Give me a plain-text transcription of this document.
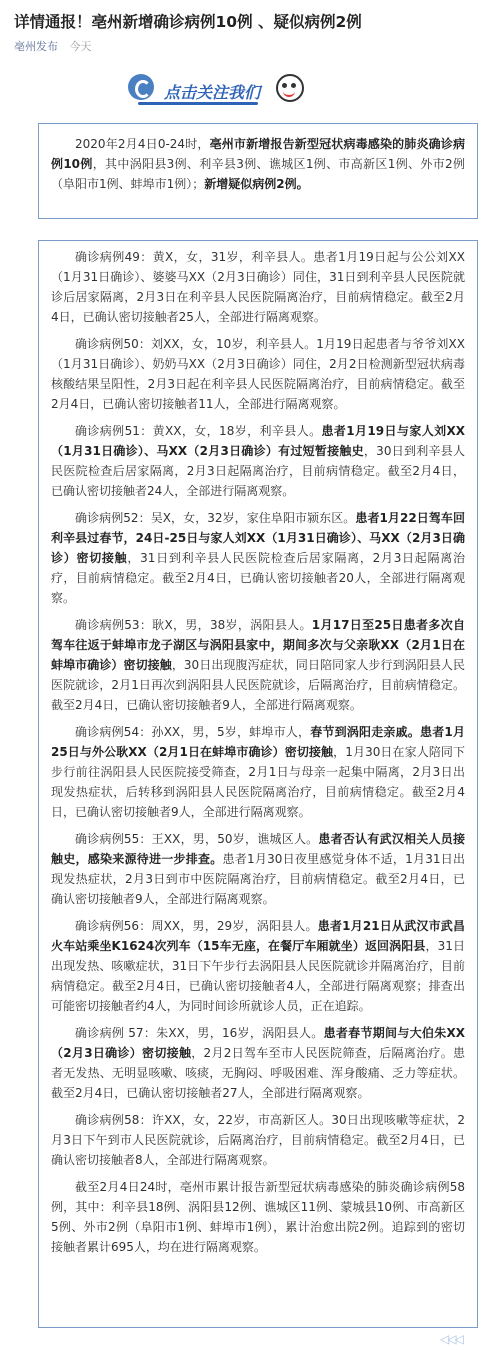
详情通报！亳州新增确诊病例10例 、疑似病例2例
亳州发布 今天
点击关注我们

2020年2月4日0-24时，亳州市新增报告新型冠状病毒感染的肺炎确诊病例10例，其中涡阳县3例、利辛县3例、谯城区1例、市高新区1例、外市2例（阜阳市1例、蚌埠市1例）；新增疑似病例2例。

确诊病例49：黄X，女，31岁，利辛县人。患者1月19日起与公公刘XX（1月31日确诊）、婆婆马XX（2月3日确诊）同住，31日到利辛县人民医院就诊后居家隔离，2月3日在利辛县人民医院隔离治疗，目前病情稳定。截至2月4日，已确认密切接触者25人，全部进行隔离观察。

确诊病例50：刘XX，女，10岁，利辛县人。1月19日起患者与爷爷刘XX（1月31日确诊）、奶奶马XX（2月3日确诊）同住，2月2日检测新型冠状病毒核酸结果呈阳性，2月3日起在利辛县人民医院隔离治疗，目前病情稳定。截至2月4日，已确认密切接触者11人，全部进行隔离观察。

确诊病例51：黄XX，女，18岁，利辛县人。患者1月19日与家人刘XX（1月31日确诊）、马XX（2月3日确诊）有过短暂接触史，30日到利辛县人民医院检查后居家隔离，2月3日起隔离治疗，目前病情稳定。截至2月4日，已确认密切接触者24人，全部进行隔离观察。

确诊病例52：吴X，女，32岁，家住阜阳市颍东区。患者1月22日驾车回利辛县过春节，24日-25日与家人刘XX（1月31日确诊）、马XX（2月3日确诊）密切接触，31日到利辛县人民医院检查后居家隔离，2月3日起隔离治疗，目前病情稳定。截至2月4日，已确认密切接触者20人，全部进行隔离观察。

确诊病例53：耿X，男，38岁，涡阳县人。1月17日至25日患者多次自驾车往返于蚌埠市龙子湖区与涡阳县家中，期间多次与父亲耿XX（2月1日在蚌埠市确诊）密切接触，30日出现腹泻症状，同日陪同家人步行到涡阳县人民医院就诊，2月1日再次到涡阳县人民医院就诊，后隔离治疗，目前病情稳定。截至2月4日，已确认密切接触者9人，全部进行隔离观察。

确诊病例54：孙XX，男，5岁，蚌埠市人，春节到涡阳走亲戚。患者1月25日与外公耿XX（2月1日在蚌埠市确诊）密切接触，1月30日在家人陪同下步行前往涡阳县人民医院接受筛查，2月1日与母亲一起集中隔离，2月3日出现发热症状，后转移到涡阳县人民医院隔离治疗，目前病情稳定。截至2月4日，已确认密切接触者9人，全部进行隔离观察。

确诊病例55：王XX，男，50岁，谯城区人。患者否认有武汉相关人员接触史，感染来源待进一步排查。患者1月30日夜里感觉身体不适，1月31日出现发热症状，2月3日到市中医院隔离治疗，目前病情稳定。截至2月4日，已确认密切接触者9人，全部进行隔离观察。

确诊病例56：周XX，男，29岁，涡阳县人。患者1月21日从武汉市武昌火车站乘坐K1624次列车（15车无座，在餐厅车厢就坐）返回涡阳县，31日出现发热、咳嗽症状，31日下午步行去涡阳县人民医院就诊并隔离治疗，目前病情稳定。截至2月4日，已确认密切接触者4人，全部进行隔离观察；排查出可能密切接触者约4人，为同时间诊所就诊人员，正在追踪。

确诊病例 57：朱XX，男，16岁，涡阳县人。患者春节期间与大伯朱XX（2月3日确诊）密切接触，2月2日驾车至市人民医院筛查，后隔离治疗。患者无发热、无明显咳嗽、咳痰，无胸闷、呼吸困难、浑身酸痛、乏力等症状。截至2月4日，已确认密切接触者27人，全部进行隔离观察。

确诊病例58：许XX，女，22岁，市高新区人。30日出现咳嗽等症状，2月3日下午到市人民医院就诊，后隔离治疗，目前病情稳定。截至2月4日，已确认密切接触者8人，全部进行隔离观察。

截至2月4日24时，亳州市累计报告新型冠状病毒感染的肺炎确诊病例58例，其中：利辛县18例、涡阳县12例、谯城区11例、蒙城县10例、市高新区5例、外市2例（阜阳市1例、蚌埠市1例），累计治愈出院2例。追踪到的密切接触者累计695人，均在进行隔离观察。

◁◁◁
